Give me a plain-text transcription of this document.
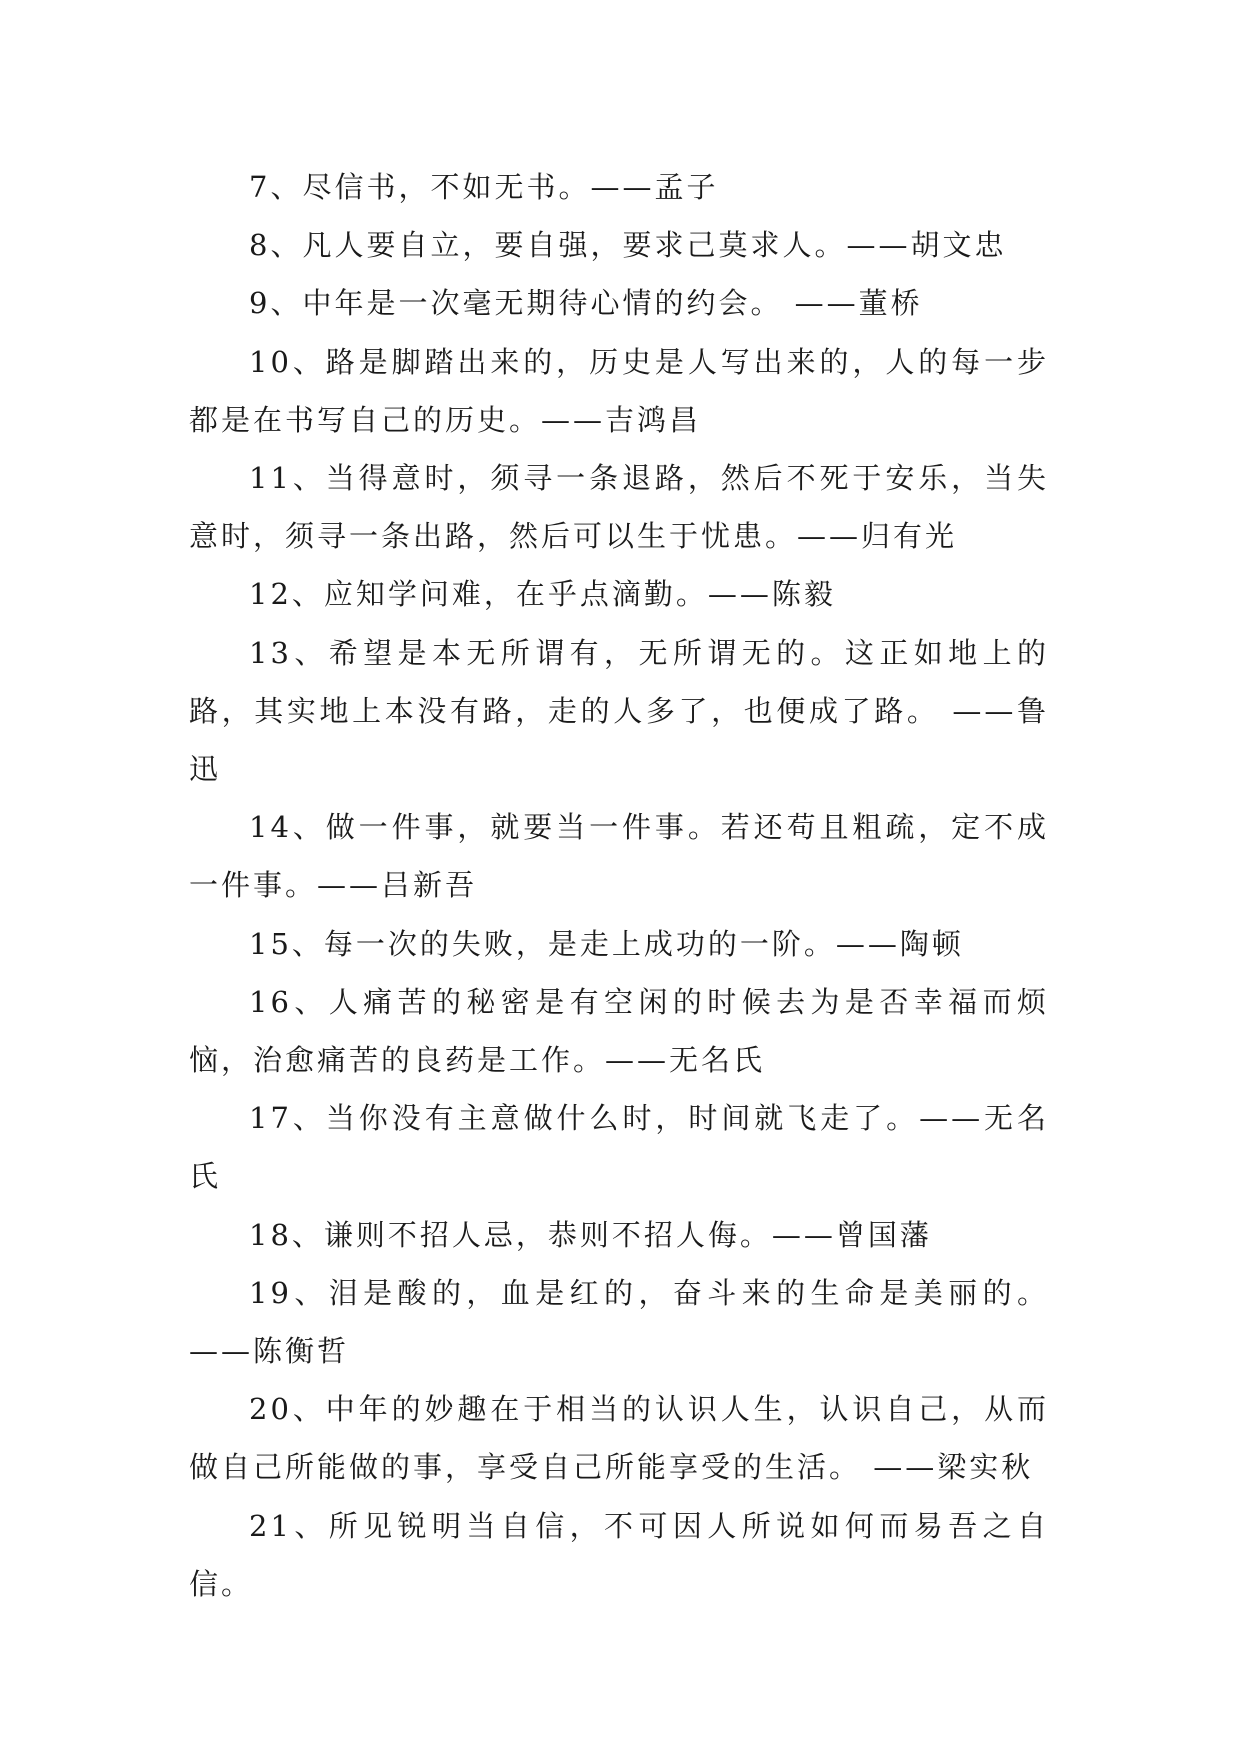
7、尽信书，不如无书。——孟子

8、凡人要自立，要自强，要求己莫求人。——胡文忠

9、中年是一次毫无期待心情的约会。 ——董桥

10、路是脚踏出来的，历史是人写出来的，人的每一步都是在书写自己的历史。——吉鸿昌

11、当得意时，须寻一条退路，然后不死于安乐，当失意时，须寻一条出路，然后可以生于忧患。——归有光

12、应知学问难，在乎点滴勤。——陈毅

13、希望是本无所谓有，无所谓无的。这正如地上的路，其实地上本没有路，走的人多了，也便成了路。 ——鲁迅

14、做一件事，就要当一件事。若还苟且粗疏，定不成一件事。——吕新吾

15、每一次的失败，是走上成功的一阶。——陶顿

16、人痛苦的秘密是有空闲的时候去为是否幸福而烦恼，治愈痛苦的良药是工作。——无名氏

17、当你没有主意做什么时，时间就飞走了。——无名氏

18、谦则不招人忌，恭则不招人侮。——曾国藩

19、泪是酸的，血是红的，奋斗来的生命是美丽的。——陈衡哲

20、中年的妙趣在于相当的认识人生，认识自己，从而做自己所能做的事，享受自己所能享受的生活。 ——梁实秋

21、所见锐明当自信，不可因人所说如何而易吾之自信。
